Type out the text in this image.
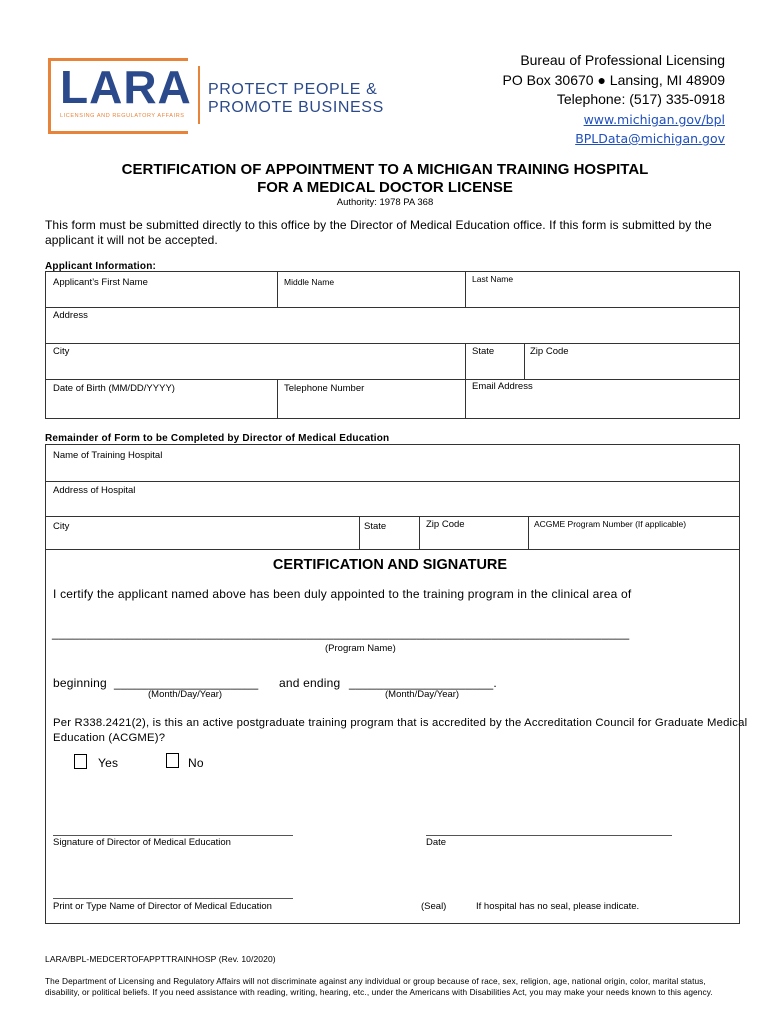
LARA
LICENSING AND REGULATORY AFFAIRS
PROTECT PEOPLE &
PROMOTE BUSINESS
Bureau of Professional Licensing
PO Box 30670 ● Lansing, MI 48909
Telephone: (517) 335-0918
www.michigan.gov/bpl
BPLData@michigan.gov
CERTIFICATION OF APPOINTMENT TO A MICHIGAN TRAINING HOSPITAL
FOR A MEDICAL DOCTOR LICENSE
Authority: 1978 PA 368
This form must be submitted directly to this office by the Director of Medical Education office. If this form is submitted by the
applicant it will not be accepted.
Applicant Information:
Applicant’s First Name	Middle Name	Last Name
Address
City	State	Zip Code
Date of Birth (MM/DD/YYYY)	Telephone Number	Email Address
Remainder of Form to be Completed by Director of Medical Education
Name of Training Hospital
Address of Hospital
City	State	Zip Code	ACGME Program Number (If applicable)
CERTIFICATION AND SIGNATURE
I certify the applicant named above has been duly appointed to the training program in the clinical area of
____________________________________________________________________________________
(Program Name)
beginning _____________________ and ending _____________________.
(Month/Day/Year)	(Month/Day/Year)
Per R338.2421(2), is this an active postgraduate training program that is accredited by the Accreditation Council for Graduate Medical
Education (ACGME)?
Yes	No
Signature of Director of Medical Education	Date
Print or Type Name of Director of Medical Education	(Seal)	If hospital has no seal, please indicate.
LARA/BPL-MEDCERTOFAPPTTRAINHOSP (Rev. 10/2020)
The Department of Licensing and Regulatory Affairs will not discriminate against any individual or group because of race, sex, religion, age, national origin, color, marital status,
disability, or political beliefs. If you need assistance with reading, writing, hearing, etc., under the Americans with Disabilities Act, you may make your needs known to this agency.
